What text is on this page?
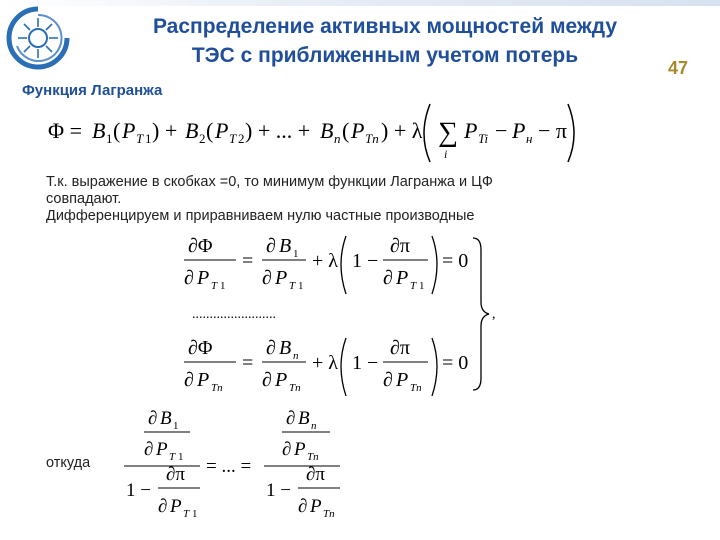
Распределение активных мощностей между
ТЭС с приближенным учетом потерь
47
Функция Лагранжа
Φ = B 1 ( P T 1 ) + B 2 ( P T 2 ) + ... + B n ( P Tn ) + λ ∑
i
P Ti − P н − π
Т.к. выражение в скобках =0, то минимум функции Лагранжа и ЦФ
совпадают.
Дифференцируем и приравниваем нулю частные производные
∂Φ
∂ P T 1
=
∂ B 1
∂ P T 1
+ λ 1 −
∂π
∂ P T 1
= 0
........................
∂Φ
∂ P Tn
=
∂ B n
∂ P Tn
+ λ 1 −
∂π
∂ P Tn
= 0
,
откуда
∂ B 1
∂ P T 1
1 −
∂π
∂ P T 1
= ... =
∂ B n
∂ P Tn
1 −
∂π
∂ P Tn
